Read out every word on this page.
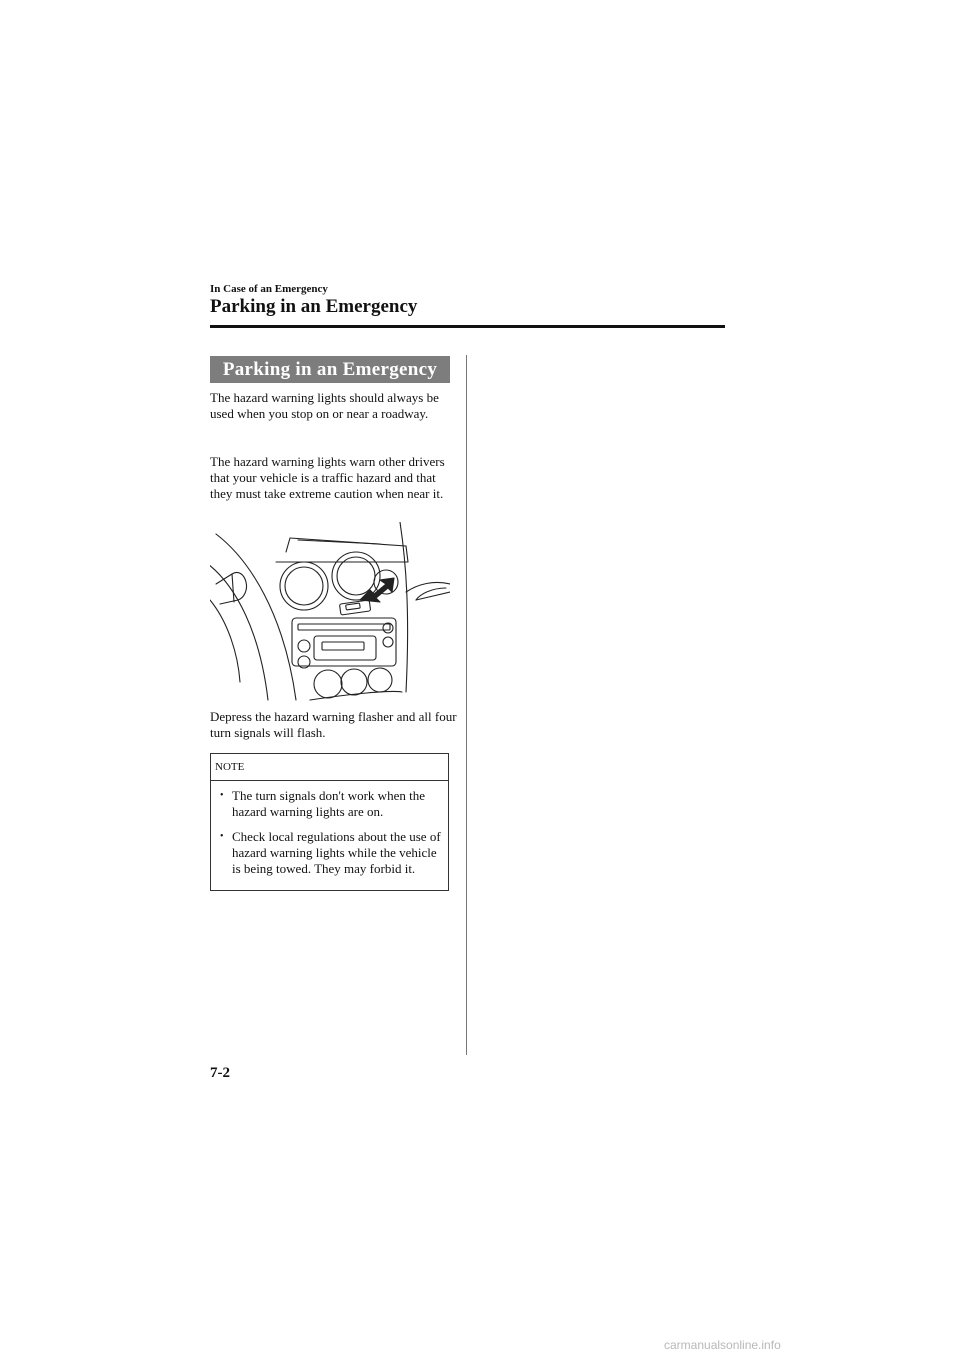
In Case of an Emergency
Parking in an Emergency
Parking in an Emergency

The hazard warning lights should always be used when you stop on or near a roadway.

The hazard warning lights warn other drivers that your vehicle is a traffic hazard and that they must take extreme caution when near it.

Depress the hazard warning flasher and all four turn signals will flash.

NOTE
• The turn signals don't work when the hazard warning lights are on.
• Check local regulations about the use of hazard warning lights while the vehicle is being towed. They may forbid it.
7-2
carmanualsonline.info
